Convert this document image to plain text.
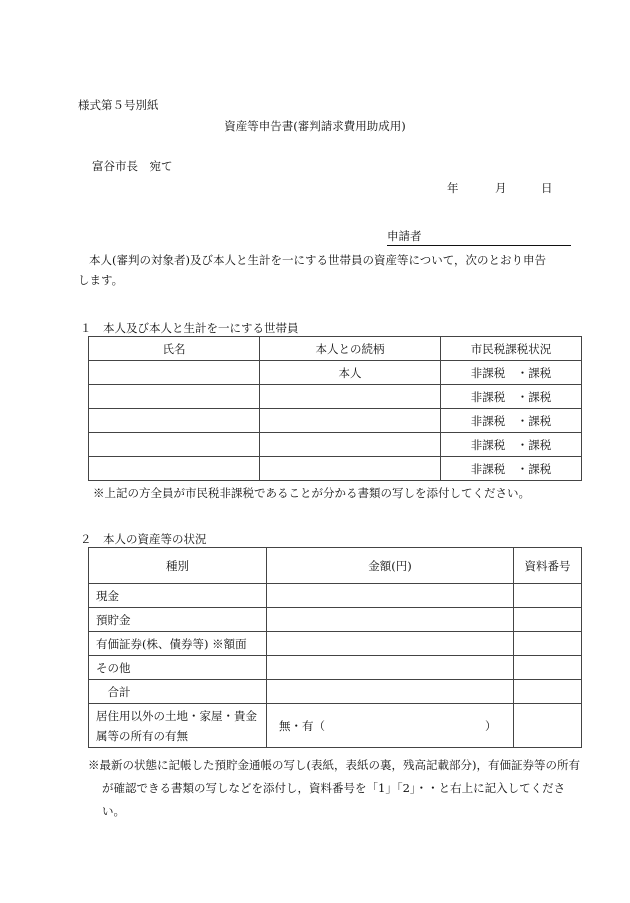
様式第５号別紙
資産等申告書(審判請求費用助成用)
富谷市長　宛て
年	月	日
申請者
本人(審判の対象者)及び本人と生計を一にする世帯員の資産等について，次のとおり申告します。
１　本人及び本人と生計を一にする世帯員
氏名	本人との続柄	市民税課税状況
	本人	非課税　・課税
		非課税　・課税
		非課税　・課税
		非課税　・課税
		非課税　・課税
※上記の方全員が市民税非課税であることが分かる書類の写しを添付してください。
２　本人の資産等の状況
種別	金額(円)	資料番号
現金		
預貯金		
有価証券(株、債券等) ※額面		
その他		
　合計		
居住用以外の土地・家屋・貴金
属等の所有の有無	無・有（ ）	
※最新の状態に記帳した預貯金通帳の写し(表紙，表紙の裏，残高記載部分)，有価証券等の所有が確認できる書類の写しなどを添付し，資料番号を「1」「2」・・と右上に記入してください。
